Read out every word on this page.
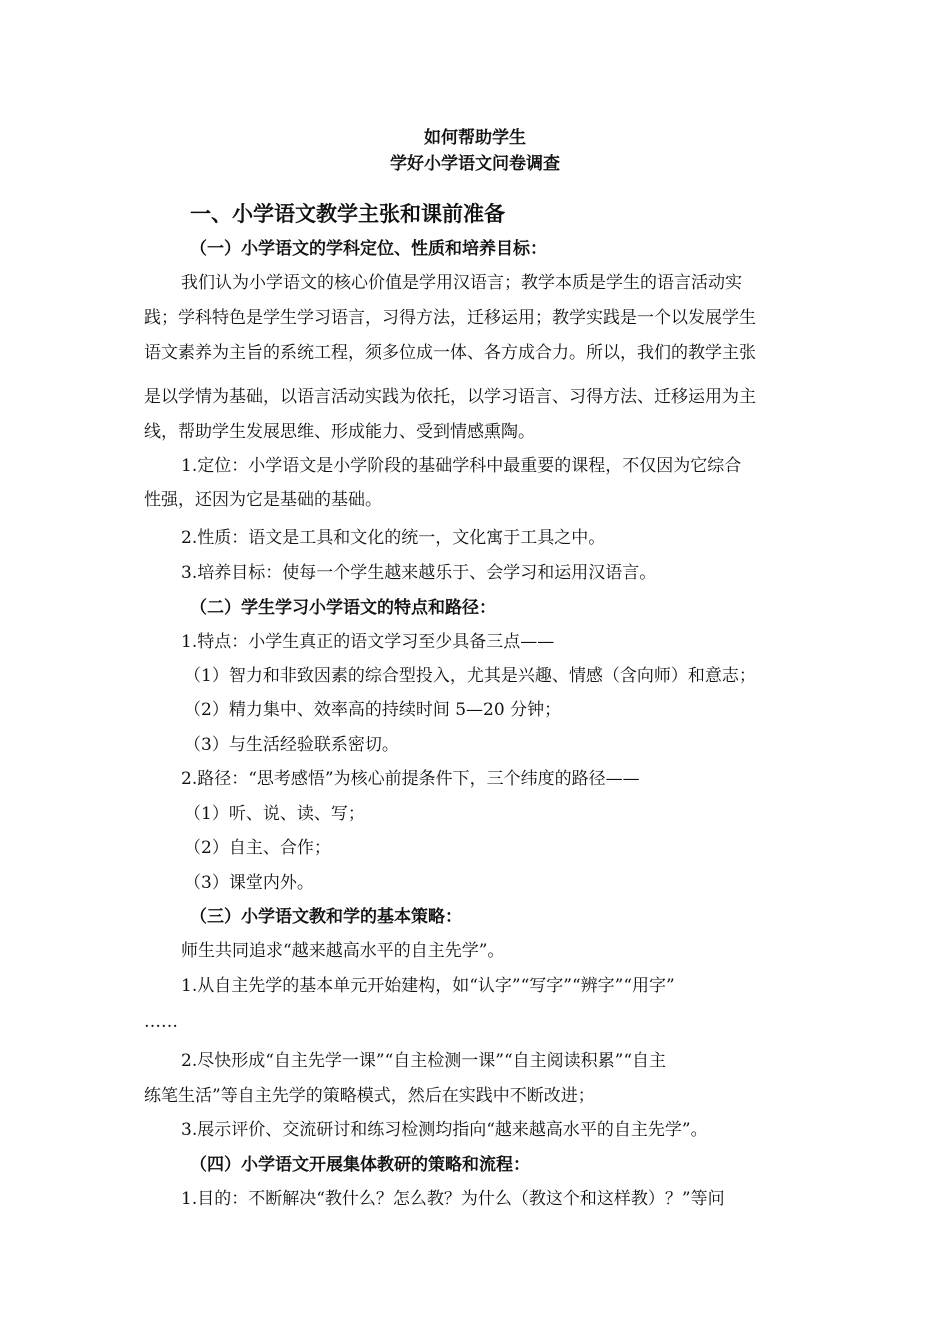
如何帮助学生
学好小学语文问卷调查
一、小学语文教学主张和课前准备
（一）小学语文的学科定位、性质和培养目标：
我们认为小学语文的核心价值是学用汉语言；教学本质是学生的语言活动实
践；学科特色是学生学习语言，习得方法，迁移运用；教学实践是一个以发展学生
语文素养为主旨的系统工程，须多位成一体、各方成合力。所以，我们的教学主张
是以学情为基础，以语言活动实践为依托，以学习语言、习得方法、迁移运用为主
线，帮助学生发展思维、形成能力、受到情感熏陶。
1.定位：小学语文是小学阶段的基础学科中最重要的课程，不仅因为它综合
性强，还因为它是基础的基础。
2.性质：语文是工具和文化的统一，文化寓于工具之中。
3.培养目标：使每一个学生越来越乐于、会学习和运用汉语言。
（二）学生学习小学语文的特点和路径：
1.特点：小学生真正的语文学习至少具备三点——
（1）智力和非致因素的综合型投入，尤其是兴趣、情感（含向师）和意志；
（2）精力集中、效率高的持续时间 5—20 分钟；
（3）与生活经验联系密切。
2.路径：“思考感悟”为核心前提条件下，三个纬度的路径——
（1）听、说、读、写；
（2）自主、合作；
（3）课堂内外。
（三）小学语文教和学的基本策略：
师生共同追求“越来越高水平的自主先学”。
1.从自主先学的基本单元开始建构，如“认字”“写字”“辨字”“用字”
……
2.尽快形成“自主先学一课”“自主检测一课”“自主阅读积累”“自主
练笔生活”等自主先学的策略模式，然后在实践中不断改进；
3.展示评价、交流研讨和练习检测均指向“越来越高水平的自主先学”。
（四）小学语文开展集体教研的策略和流程：
1.目的：不断解决“教什么？怎么教？为什么（教这个和这样教）？”等问
